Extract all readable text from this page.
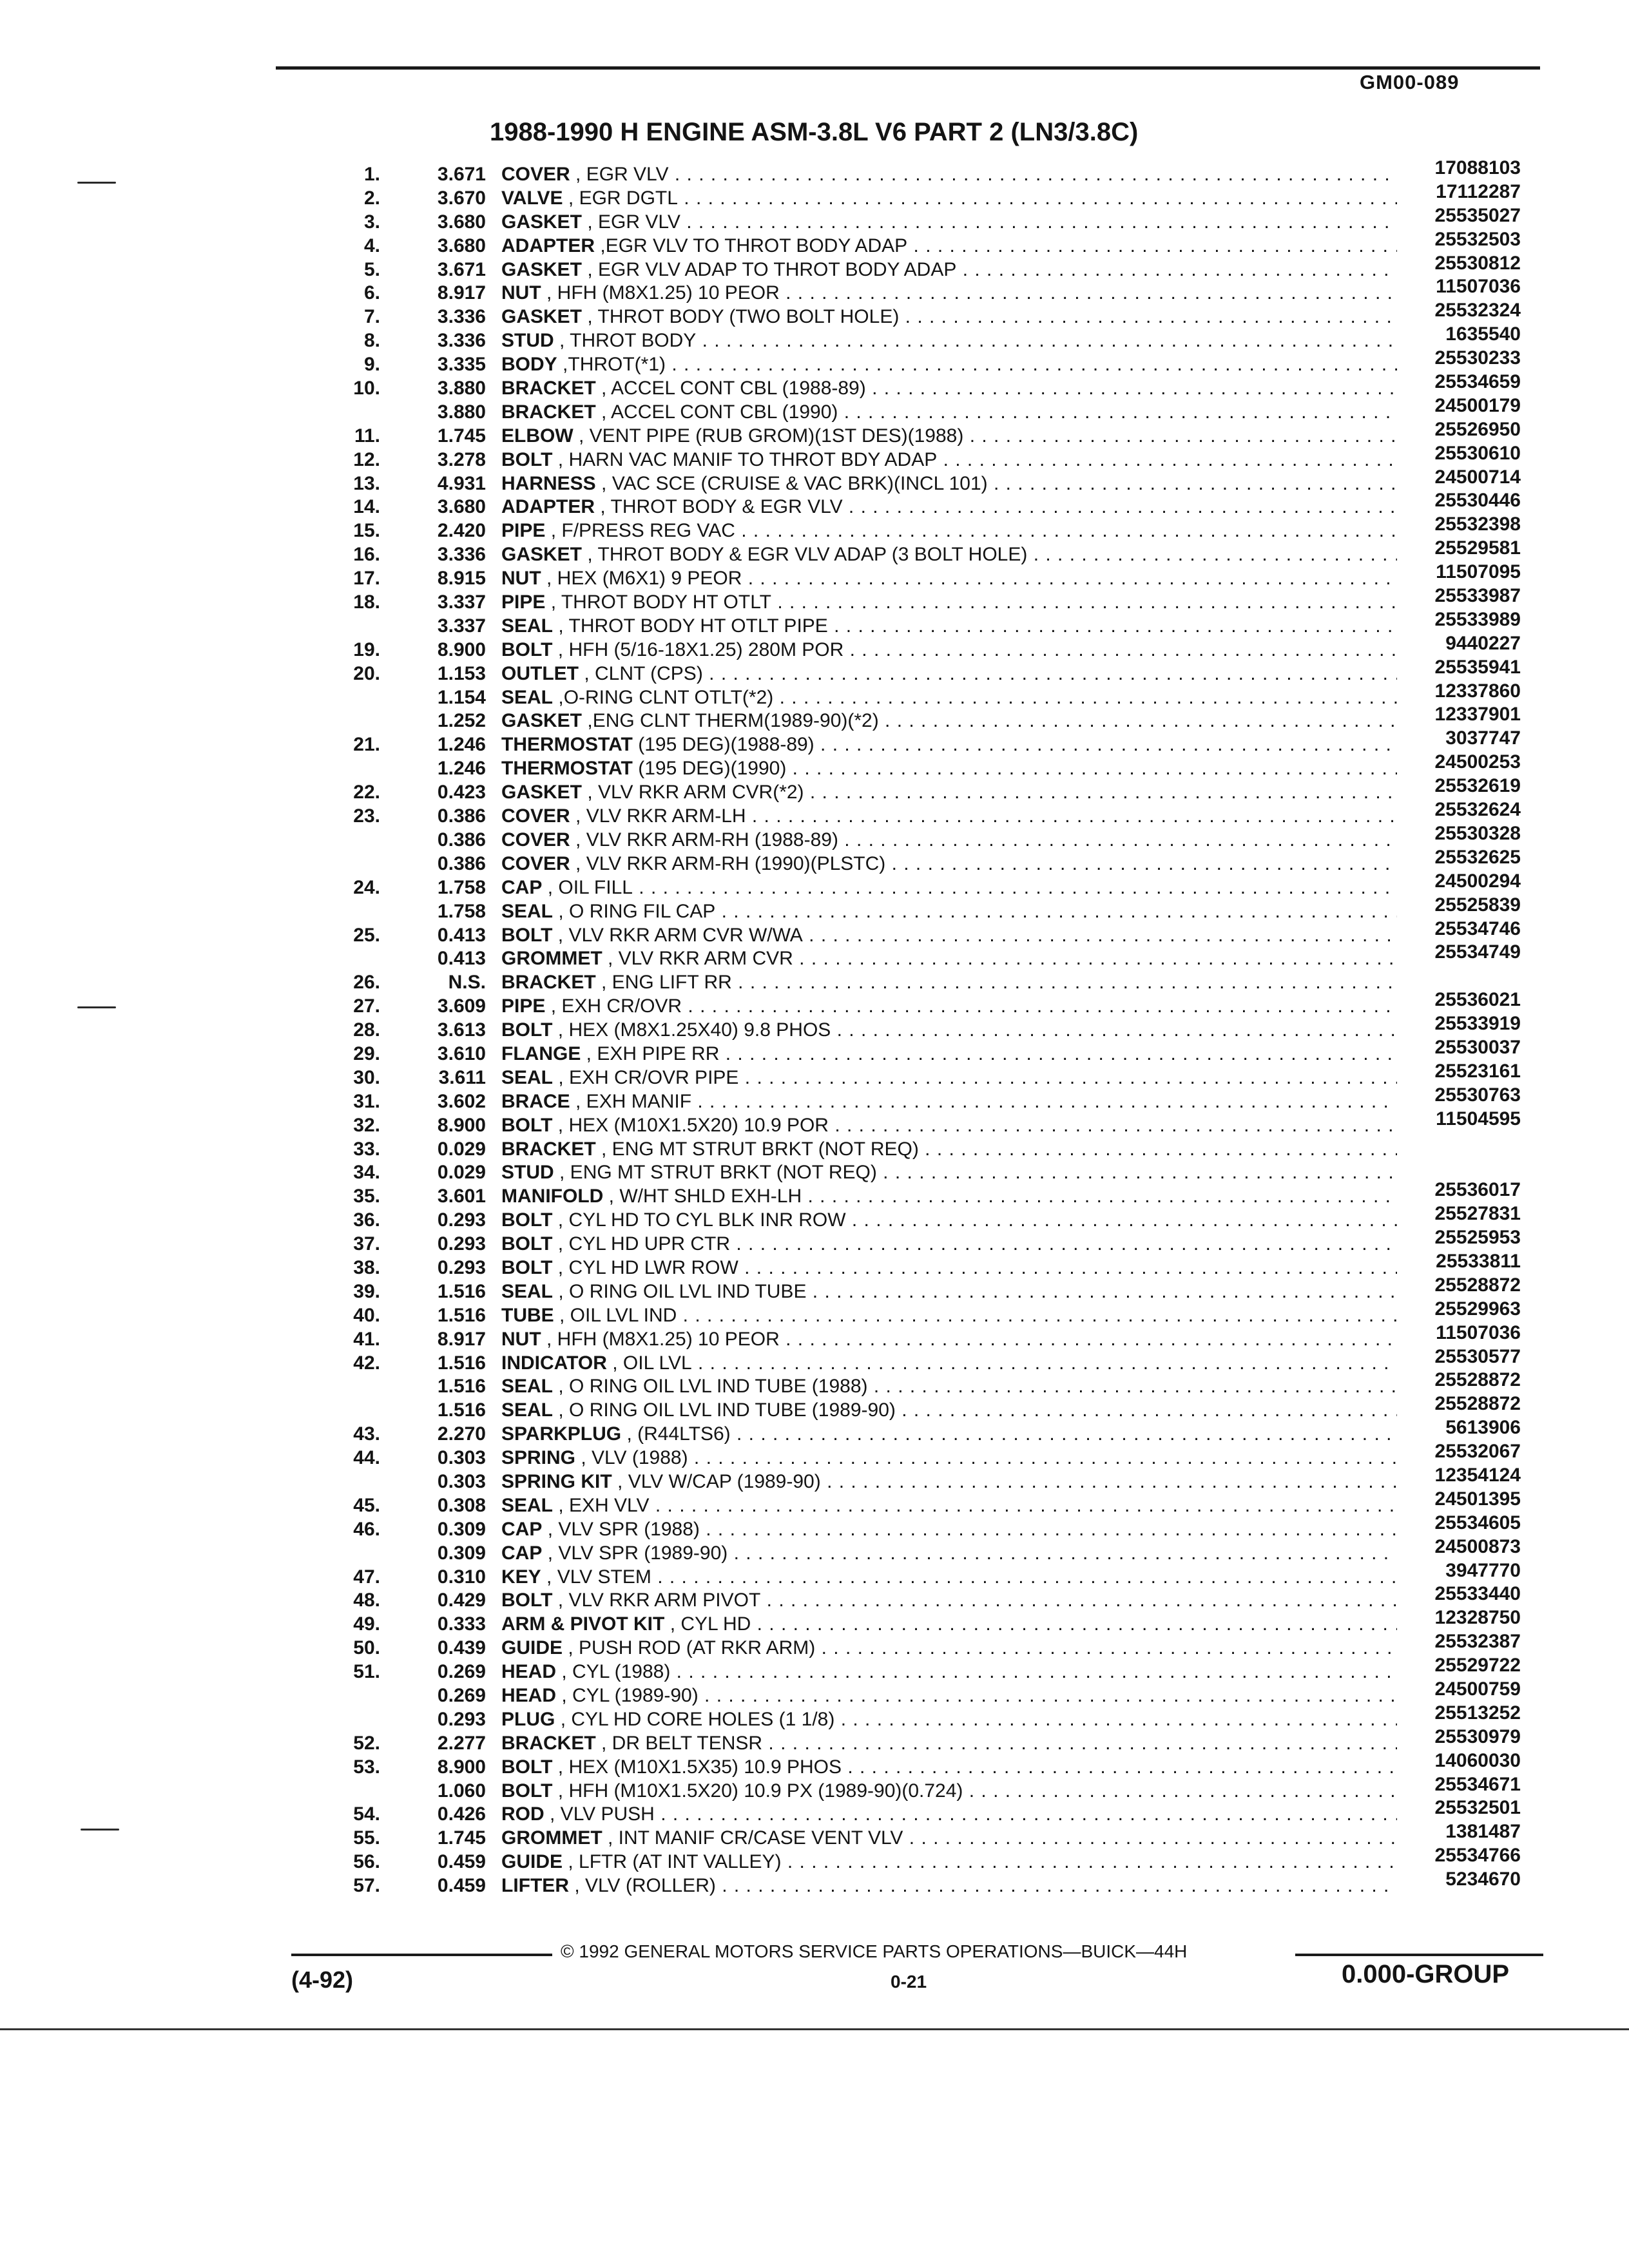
GM00-089
1988-1990 H ENGINE ASM-3.8L V6 PART 2 (LN3/3.8C)
1.	3.671 COVER , EGR VLV . . .	17088103
2.	3.670 VALVE , EGR DGTL . . .	17112287
3.	3.680 GASKET , EGR VLV . . .	25535027
4.	3.680 ADAPTER ,EGR VLV TO THROT BODY ADAP . . .	25532503
5.	3.671 GASKET , EGR VLV ADAP TO THROT BODY ADAP . . .	25530812
6.	8.917 NUT , HFH (M8X1.25) 10 PEOR . . .	11507036
7.	3.336 GASKET , THROT BODY (TWO BOLT HOLE) . . .	25532324
8.	3.336 STUD , THROT BODY . . .	1635540
9.	3.335 BODY ,THROT(*1) . . .	25530233
10.	3.880 BRACKET , ACCEL CONT CBL (1988-89) . . .	25534659
3.880 BRACKET , ACCEL CONT CBL (1990) . . .	24500179
11.	1.745 ELBOW , VENT PIPE (RUB GROM)(1ST DES)(1988) . . .	25526950
12.	3.278 BOLT , HARN VAC MANIF TO THROT BDY ADAP . . .	25530610
13.	4.931 HARNESS , VAC SCE (CRUISE & VAC BRK)(INCL 101) . . .	24500714
14.	3.680 ADAPTER , THROT BODY & EGR VLV . . .	25530446
15.	2.420 PIPE , F/PRESS REG VAC . . .	25532398
16.	3.336 GASKET , THROT BODY & EGR VLV ADAP (3 BOLT HOLE) . . .	25529581
17.	8.915 NUT , HEX (M6X1) 9 PEOR . . .	11507095
18.	3.337 PIPE , THROT BODY HT OTLT . . .	25533987
3.337 SEAL , THROT BODY HT OTLT PIPE . . .	25533989
19.	8.900 BOLT , HFH (5/16-18X1.25) 280M POR . . .	9440227
20.	1.153 OUTLET , CLNT (CPS) . . .	25535941
1.154 SEAL ,O-RING CLNT OTLT(*2) . . .	12337860
1.252 GASKET ,ENG CLNT THERM(1989-90)(*2) . . .	12337901
21.	1.246 THERMOSTAT (195 DEG)(1988-89) . . .	3037747
1.246 THERMOSTAT (195 DEG)(1990) . . .	24500253
22.	0.423 GASKET , VLV RKR ARM CVR(*2) . . .	25532619
23.	0.386 COVER , VLV RKR ARM-LH . . .	25532624
0.386 COVER , VLV RKR ARM-RH (1988-89) . . .	25530328
0.386 COVER , VLV RKR ARM-RH (1990)(PLSTC) . . .	25532625
24.	1.758 CAP , OIL FILL . . .	24500294
1.758 SEAL , O RING FIL CAP . . .	25525839
25.	0.413 BOLT , VLV RKR ARM CVR W/WA . . .	25534746
0.413 GROMMET , VLV RKR ARM CVR . . .	25534749
26.	N.S. BRACKET , ENG LIFT RR . . .
27.	3.609 PIPE , EXH CR/OVR . . .	25536021
28.	3.613 BOLT , HEX (M8X1.25X40) 9.8 PHOS . . .	25533919
29.	3.610 FLANGE , EXH PIPE RR . . .	25530037
30.	3.611 SEAL , EXH CR/OVR PIPE . . .	25523161
31.	3.602 BRACE , EXH MANIF . . .	25530763
32.	8.900 BOLT , HEX (M10X1.5X20) 10.9 POR . . .	11504595
33.	0.029 BRACKET , ENG MT STRUT BRKT (NOT REQ) . . .
34.	0.029 STUD , ENG MT STRUT BRKT (NOT REQ) . . .
35.	3.601 MANIFOLD , W/HT SHLD EXH-LH . . .	25536017
36.	0.293 BOLT , CYL HD TO CYL BLK INR ROW . . .	25527831
37.	0.293 BOLT , CYL HD UPR CTR . . .	25525953
38.	0.293 BOLT , CYL HD LWR ROW . . .	25533811
39.	1.516 SEAL , O RING OIL LVL IND TUBE . . .	25528872
40.	1.516 TUBE , OIL LVL IND . . .	25529963
41.	8.917 NUT , HFH (M8X1.25) 10 PEOR . . .	11507036
42.	1.516 INDICATOR , OIL LVL . . .	25530577
1.516 SEAL , O RING OIL LVL IND TUBE (1988) . . .	25528872
1.516 SEAL , O RING OIL LVL IND TUBE (1989-90) . . .	25528872
43.	2.270 SPARKPLUG , (R44LTS6) . . .	5613906
44.	0.303 SPRING , VLV (1988) . . .	25532067
0.303 SPRING KIT , VLV W/CAP (1989-90) . . .	12354124
45.	0.308 SEAL , EXH VLV . . .	24501395
46.	0.309 CAP , VLV SPR (1988) . . .	25534605
0.309 CAP , VLV SPR (1989-90) . . .	24500873
47.	0.310 KEY , VLV STEM . . .	3947770
48.	0.429 BOLT , VLV RKR ARM PIVOT . . .	25533440
49.	0.333 ARM & PIVOT KIT , CYL HD . . .	12328750
50.	0.439 GUIDE , PUSH ROD (AT RKR ARM) . . .	25532387
51.	0.269 HEAD , CYL (1988) . . .	25529722
0.269 HEAD , CYL (1989-90) . . .	24500759
0.293 PLUG , CYL HD CORE HOLES (1 1/8) . . .	25513252
52.	2.277 BRACKET , DR BELT TENSR . . .	25530979
53.	8.900 BOLT , HEX (M10X1.5X35) 10.9 PHOS . . .	14060030
1.060 BOLT , HFH (M10X1.5X20) 10.9 PX (1989-90)(0.724) . . .	25534671
54.	0.426 ROD , VLV PUSH . . .	25532501
55.	1.745 GROMMET , INT MANIF CR/CASE VENT VLV . . .	1381487
56.	0.459 GUIDE , LFTR (AT INT VALLEY) . . .	25534766
57.	0.459 LIFTER , VLV (ROLLER) . . .	5234670
© 1992 GENERAL MOTORS SERVICE PARTS OPERATIONS—BUICK—44H
(4-92)	0-21	0.000-GROUP
